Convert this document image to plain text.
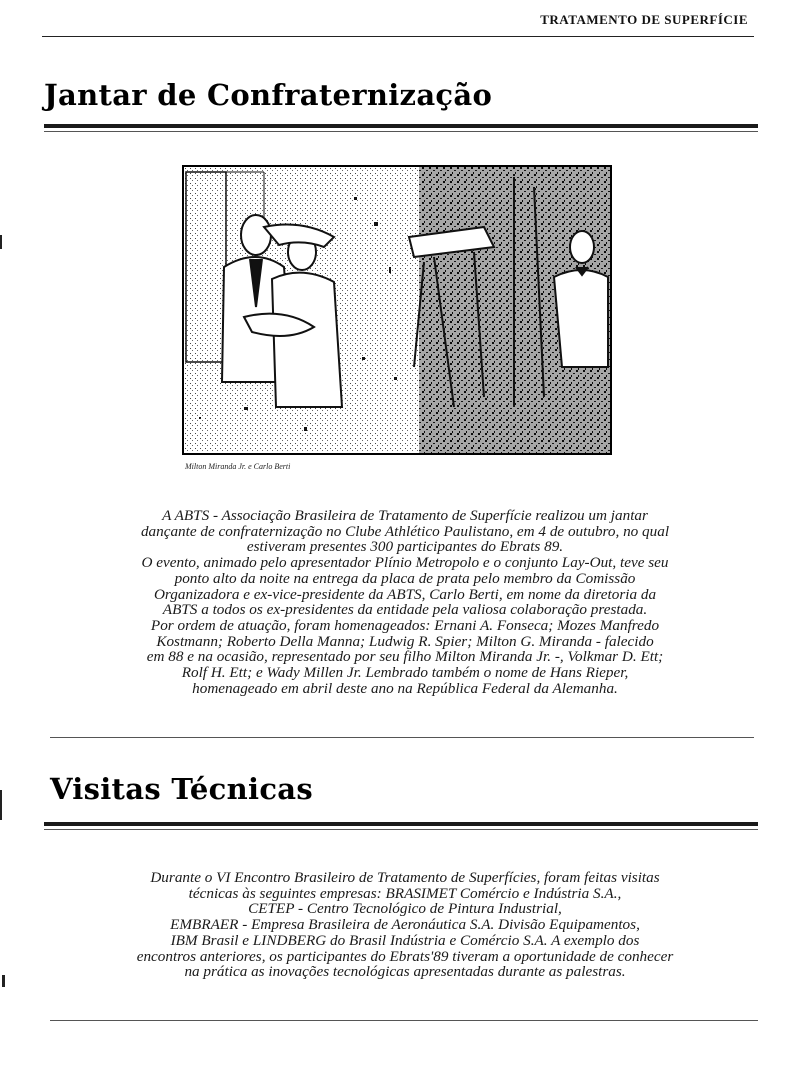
TRATAMENTO DE SUPERFÍCIE
Jantar de Confraternização
Milton Miranda Jr. e Carlo Berti
A ABTS - Associação Brasileira de Tratamento de Superfície realizou um jantar
dançante de confraternização no Clube Athlético Paulistano, em 4 de outubro, no qual
estiveram presentes 300 participantes do Ebrats 89.
O evento, animado pelo apresentador Plínio Metropolo e o conjunto Lay-Out, teve seu
ponto alto da noite na entrega da placa de prata pelo membro da Comissão
Organizadora e ex-vice-presidente da ABTS, Carlo Berti, em nome da diretoria da
ABTS a todos os ex-presidentes da entidade pela valiosa colaboração prestada.
Por ordem de atuação, foram homenageados: Ernani A. Fonseca; Mozes Manfredo
Kostmann; Roberto Della Manna; Ludwig R. Spier; Milton G. Miranda - falecido
em 88 e na ocasião, representado por seu filho Milton Miranda Jr. -, Volkmar D. Ett;
Rolf H. Ett; e Wady Millen Jr. Lembrado também o nome de Hans Rieper,
homenageado em abril deste ano na República Federal da Alemanha.
Visitas Técnicas
Durante o VI Encontro Brasileiro de Tratamento de Superfícies, foram feitas visitas
técnicas às seguintes empresas: BRASIMET Comércio e Indústria S.A.,
CETEP - Centro Tecnológico de Pintura Industrial,
EMBRAER - Empresa Brasileira de Aeronáutica S.A. Divisão Equipamentos,
IBM Brasil e LINDBERG do Brasil Indústria e Comércio S.A. A exemplo dos
encontros anteriores, os participantes do Ebrats'89 tiveram a oportunidade de conhecer
na prática as inovações tecnológicas apresentadas durante as palestras.
